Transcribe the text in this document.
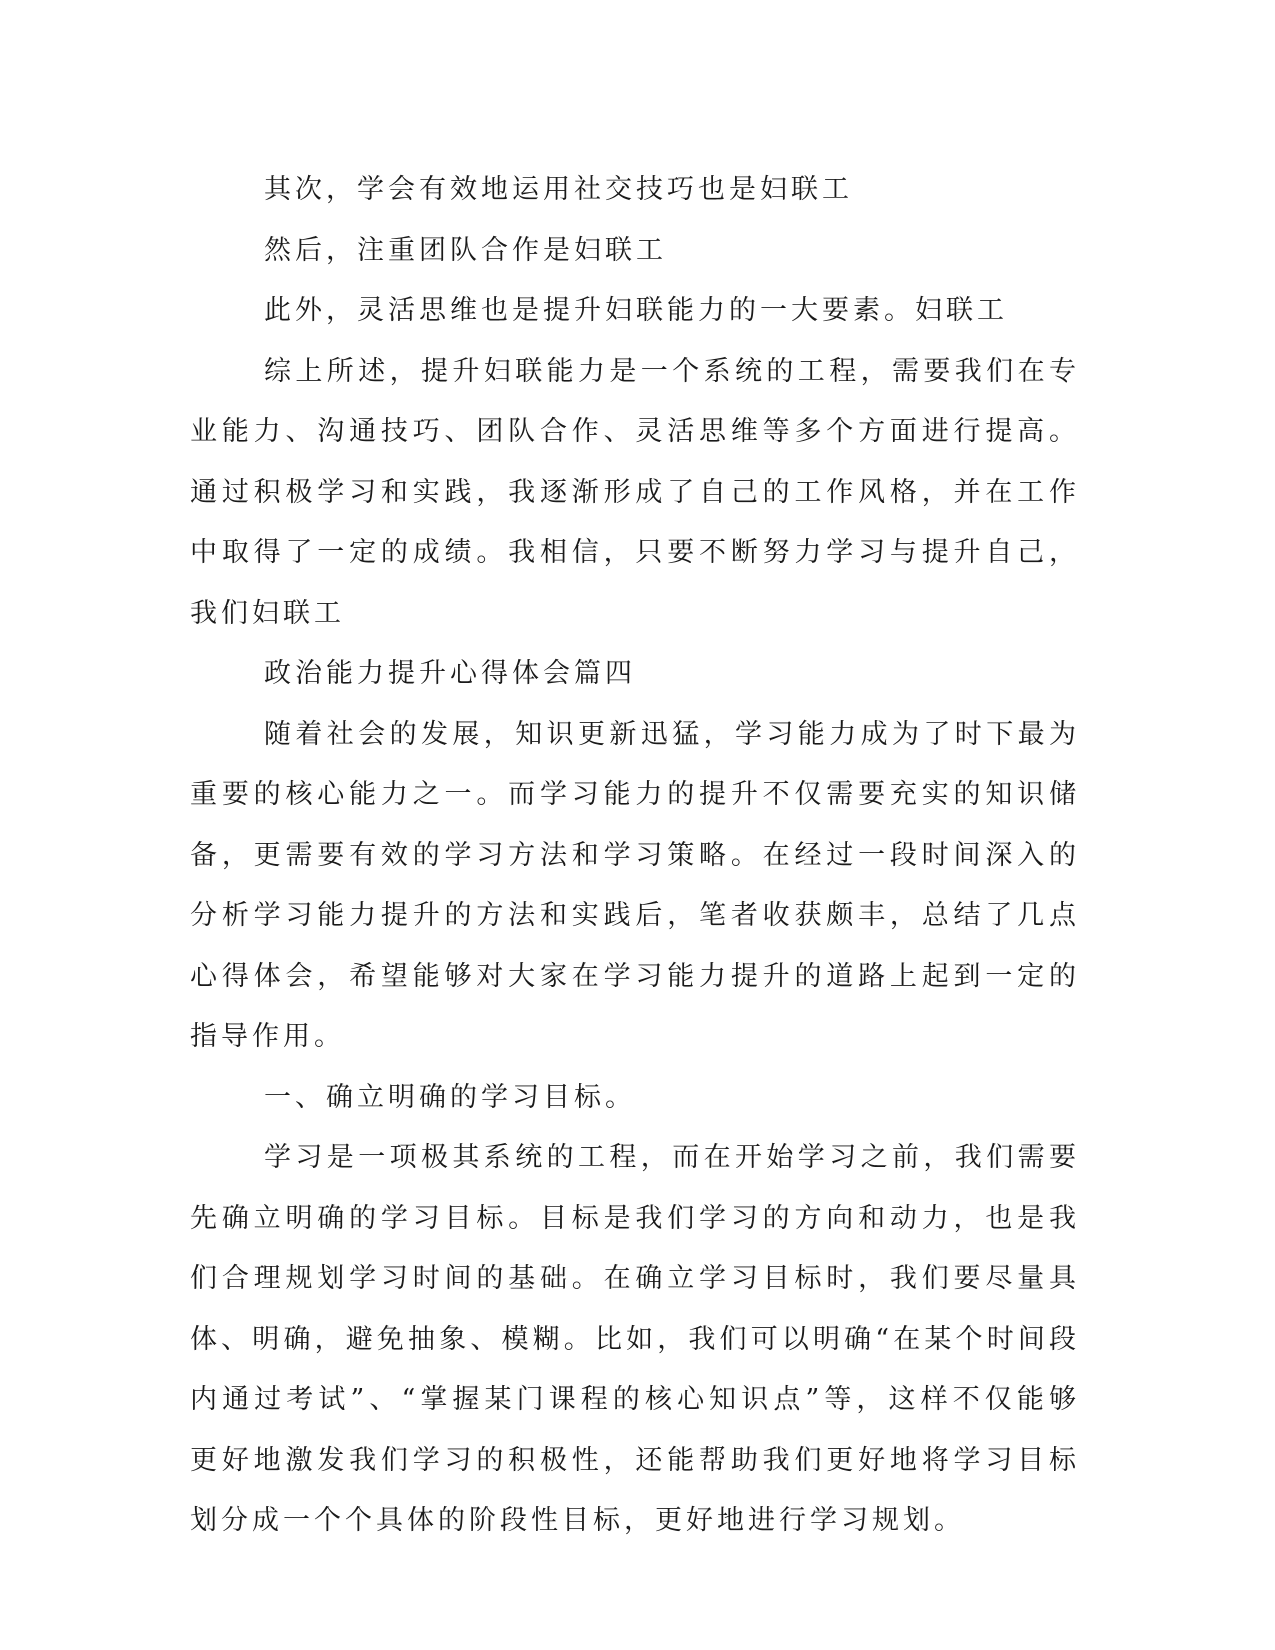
其次，学会有效地运用社交技巧也是妇联工

然后，注重团队合作是妇联工

此外，灵活思维也是提升妇联能力的一大要素。妇联工

综上所述，提升妇联能力是一个系统的工程，需要我们在专业能力、沟通技巧、团队合作、灵活思维等多个方面进行提高。通过积极学习和实践，我逐渐形成了自己的工作风格，并在工作中取得了一定的成绩。我相信，只要不断努力学习与提升自己，我们妇联工

政治能力提升心得体会篇四

随着社会的发展，知识更新迅猛，学习能力成为了时下最为重要的核心能力之一。而学习能力的提升不仅需要充实的知识储备，更需要有效的学习方法和学习策略。在经过一段时间深入的分析学习能力提升的方法和实践后，笔者收获颇丰，总结了几点心得体会，希望能够对大家在学习能力提升的道路上起到一定的指导作用。

一、确立明确的学习目标。

学习是一项极其系统的工程，而在开始学习之前，我们需要先确立明确的学习目标。目标是我们学习的方向和动力，也是我们合理规划学习时间的基础。在确立学习目标时，我们要尽量具体、明确，避免抽象、模糊。比如，我们可以明确“在某个时间段内通过考试”、“掌握某门课程的核心知识点”等，这样不仅能够更好地激发我们学习的积极性，还能帮助我们更好地将学习目标划分成一个个具体的阶段性目标，更好地进行学习规划。
